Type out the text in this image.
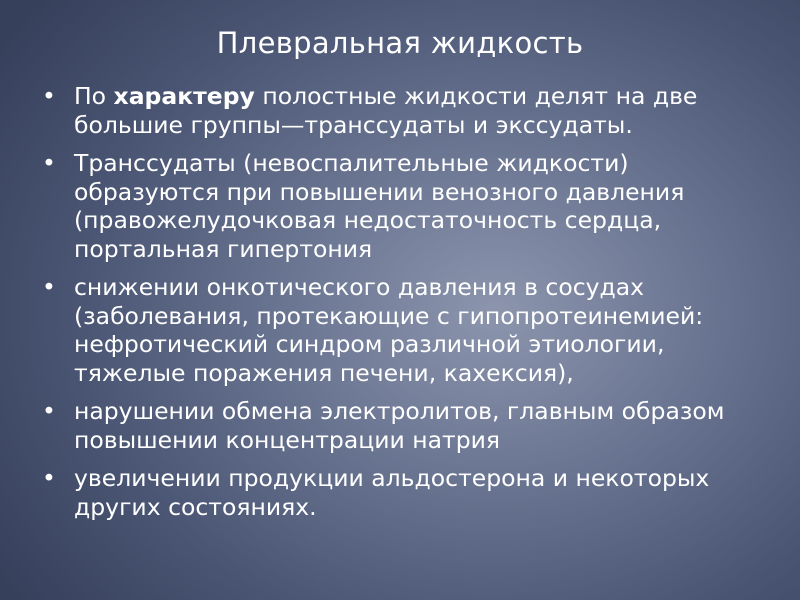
Плевральная жидкость
• По характеру полостные жидкости делят на две большие группы—транссудаты и экссудаты.
• Транссудаты (невоспалительные жидкости) образуются при повышении венозного давления (правожелудочковая недостаточность сердца, портальная гипертония
• снижении онкотического давления в сосудах (заболевания, протекающие с гипопротеинемией: нефротический синдром различной этиологии, тяжелые поражения печени, кахексия),
• нарушении обмена электролитов, главным образом повышении концентрации натрия
• увеличении продукции альдостерона и некоторых других состояниях.
